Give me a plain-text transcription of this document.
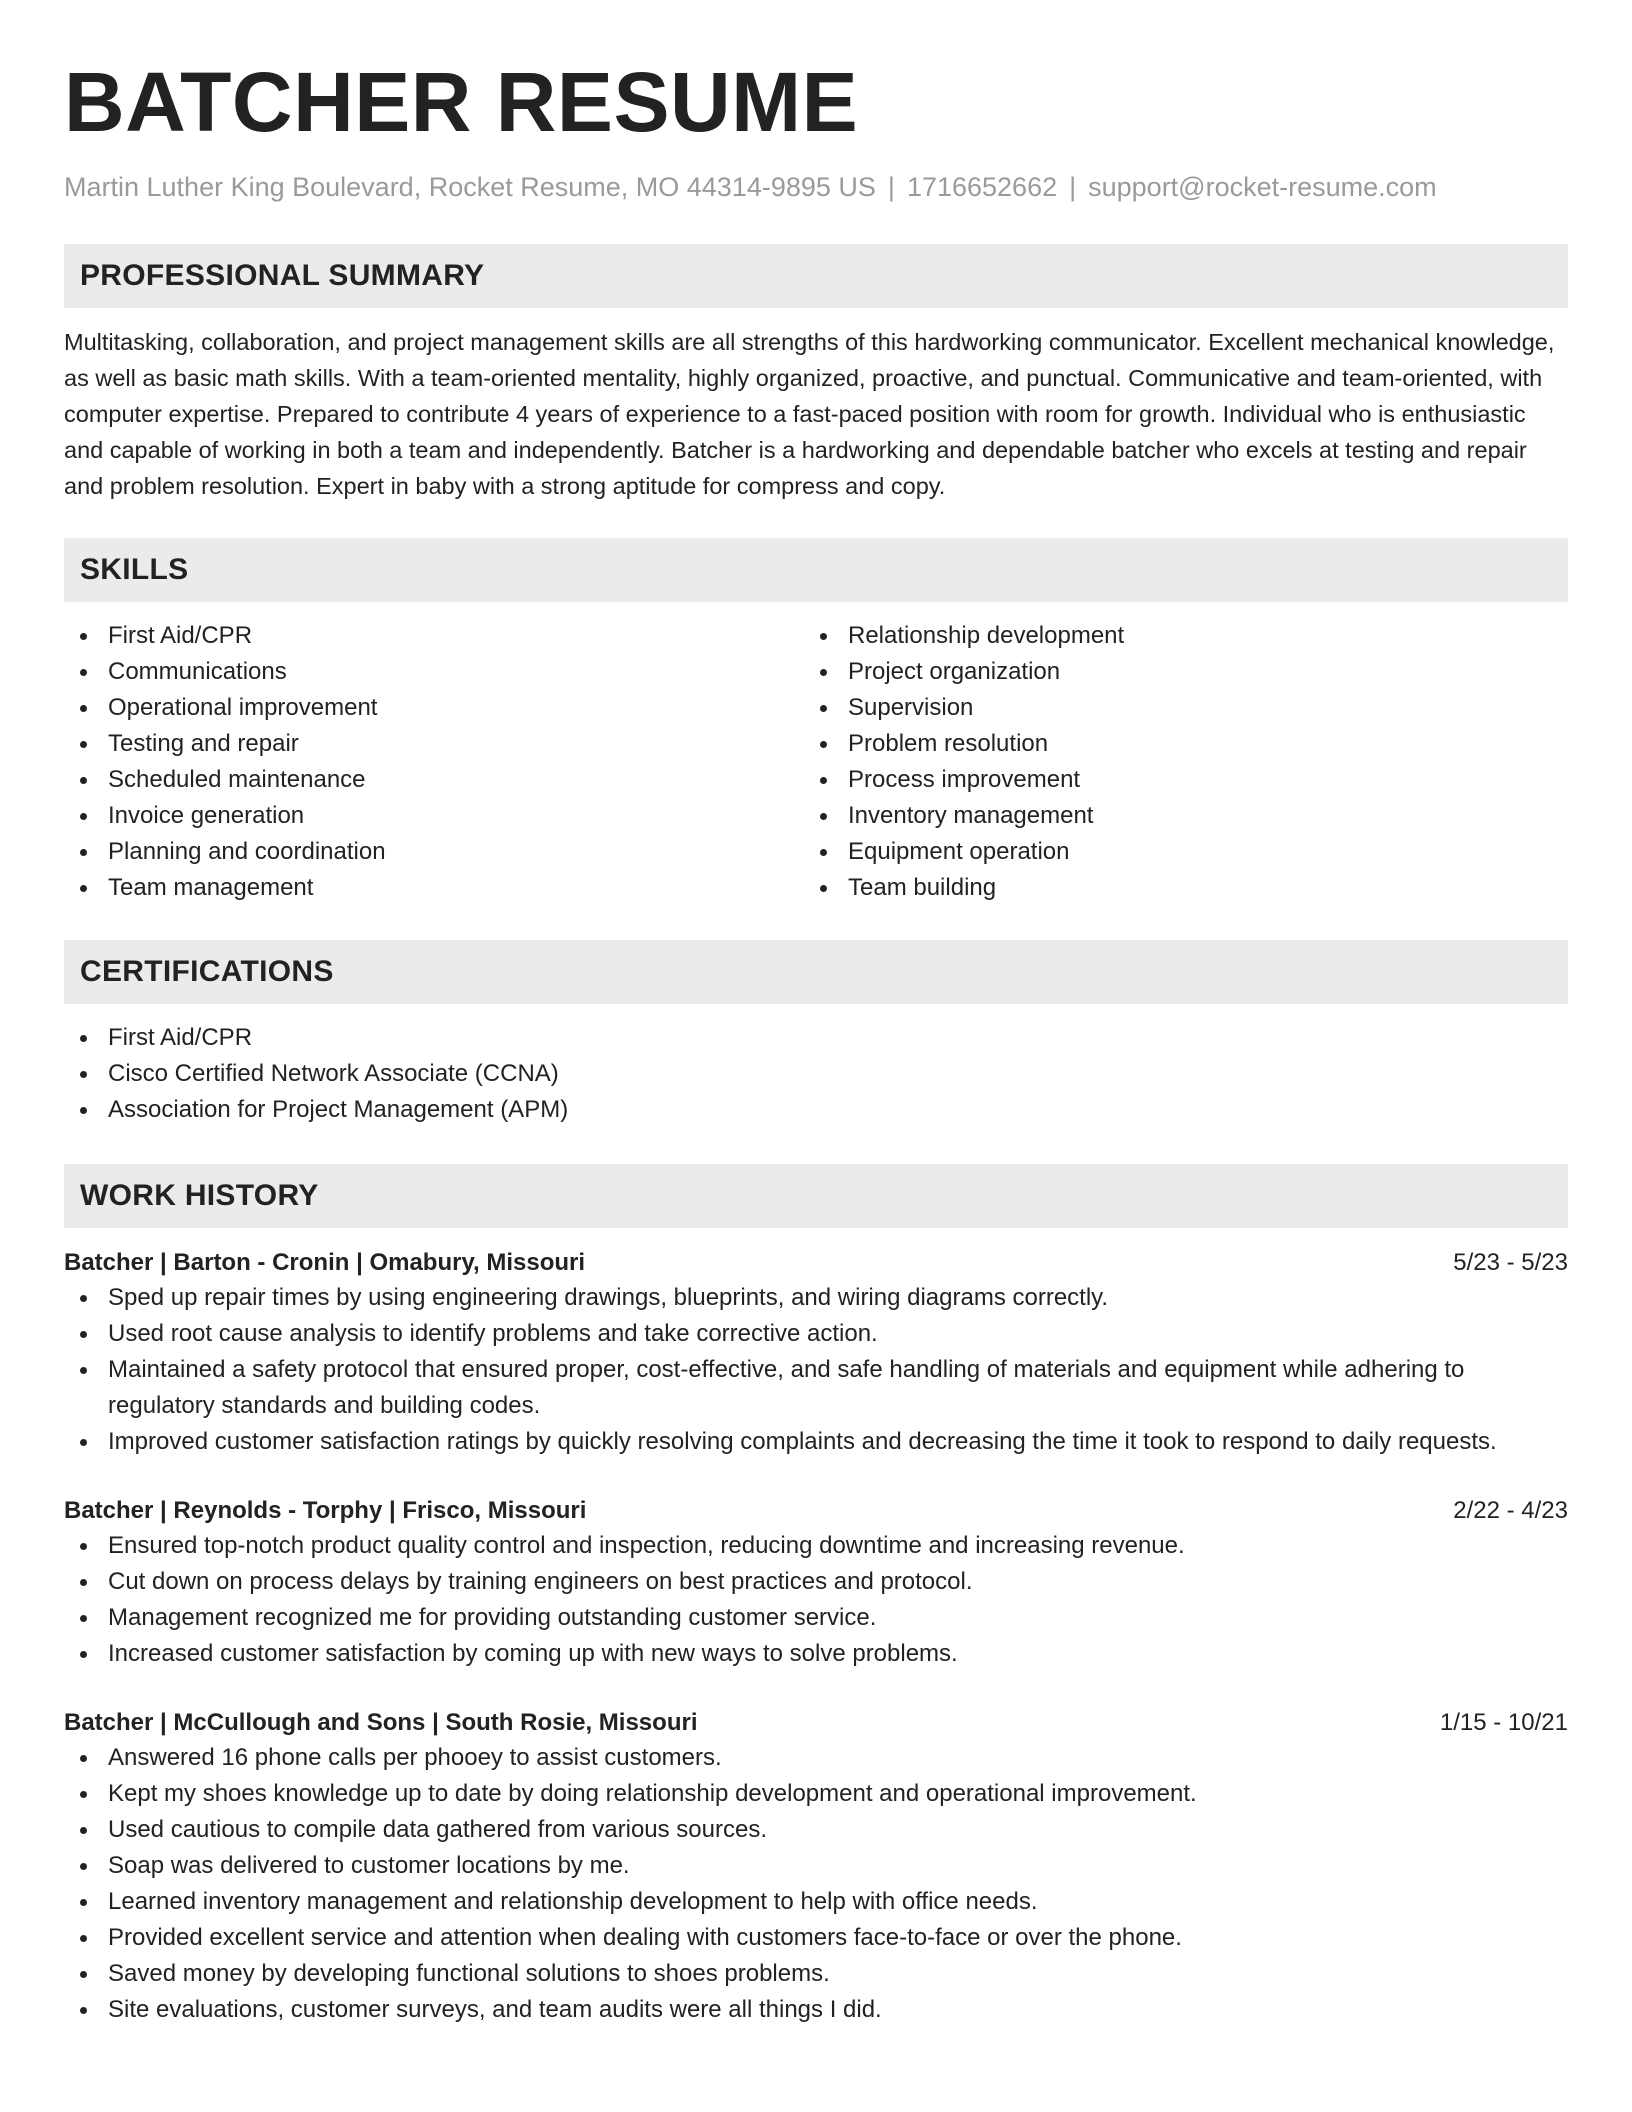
BATCHER RESUME
Martin Luther King Boulevard, Rocket Resume, MO 44314-9895 US | 1716652662 | support@rocket-resume.com
PROFESSIONAL SUMMARY

Multitasking, collaboration, and project management skills are all strengths of this hardworking communicator. Excellent mechanical knowledge, as well as basic math skills. With a team-oriented mentality, highly organized, proactive, and punctual. Communicative and team-oriented, with computer expertise. Prepared to contribute 4 years of experience to a fast-paced position with room for growth. Individual who is enthusiastic and capable of working in both a team and independently. Batcher is a hardworking and dependable batcher who excels at testing and repair and problem resolution. Expert in baby with a strong aptitude for compress and copy.

SKILLS
First Aid/CPR
Communications
Operational improvement
Testing and repair
Scheduled maintenance
Invoice generation
Planning and coordination
Team management
Relationship development
Project organization
Supervision
Problem resolution
Process improvement
Inventory management
Equipment operation
Team building
CERTIFICATIONS
First Aid/CPR
Cisco Certified Network Associate (CCNA)
Association for Project Management (APM)
WORK HISTORY
Batcher | Barton - Cronin | Omabury, Missouri	5/23 - 5/23
Sped up repair times by using engineering drawings, blueprints, and wiring diagrams correctly.
Used root cause analysis to identify problems and take corrective action.
Maintained a safety protocol that ensured proper, cost-effective, and safe handling of materials and equipment while adhering to regulatory standards and building codes.
Improved customer satisfaction ratings by quickly resolving complaints and decreasing the time it took to respond to daily requests.
Batcher | Reynolds - Torphy | Frisco, Missouri	2/22 - 4/23
Ensured top-notch product quality control and inspection, reducing downtime and increasing revenue.
Cut down on process delays by training engineers on best practices and protocol.
Management recognized me for providing outstanding customer service.
Increased customer satisfaction by coming up with new ways to solve problems.
Batcher | McCullough and Sons | South Rosie, Missouri	1/15 - 10/21
Answered 16 phone calls per phooey to assist customers.
Kept my shoes knowledge up to date by doing relationship development and operational improvement.
Used cautious to compile data gathered from various sources.
Soap was delivered to customer locations by me.
Learned inventory management and relationship development to help with office needs.
Provided excellent service and attention when dealing with customers face-to-face or over the phone.
Saved money by developing functional solutions to shoes problems.
Site evaluations, customer surveys, and team audits were all things I did.
